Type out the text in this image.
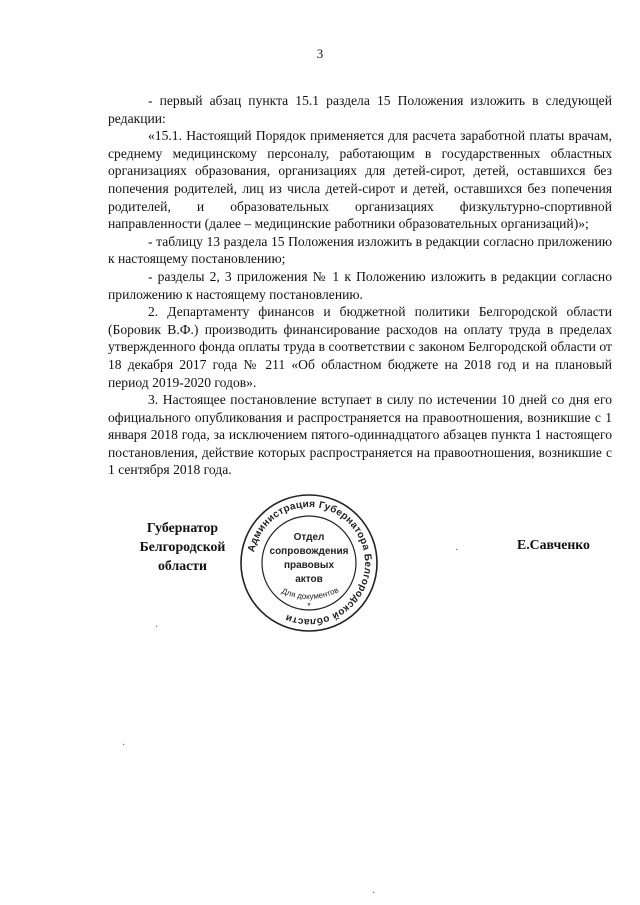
3

- первый абзац пункта 15.1 раздела 15 Положения изложить в следующей редакции:

«15.1. Настоящий Порядок применяется для расчета заработной платы врачам, среднему медицинскому персоналу, работающим в государственных областных организациях образования, организациях для детей-сирот, детей, оставшихся без попечения родителей, лиц из числа детей-сирот и детей, оставшихся без попечения родителей, и образовательных организациях физкультурно-спортивной направленности (далее – медицинские работники образовательных организаций)»;

- таблицу 13 раздела 15 Положения изложить в редакции согласно приложению к настоящему постановлению;

- разделы 2, 3 приложения № 1 к Положению изложить в редакции согласно приложению к настоящему постановлению.

2. Департаменту финансов и бюджетной политики Белгородской области (Боровик В.Ф.) производить финансирование расходов на оплату труда в пределах утвержденного фонда оплаты труда в соответствии с законом Белгородской области от 18 декабря 2017 года № 211 «Об областном бюджете на 2018 год и на плановый период 2019-2020 годов».

3. Настоящее постановление вступает в силу по истечении 10 дней со дня его официального опубликования и распространяется на правоотношения, возникшие с 1 января 2018 года, за исключением пятого-одиннадцатого абзацев пункта 1 настоящего постановления, действие которых распространяется на правоотношения, возникшие с 1 сентября 2018 года.

Губернатор
Белгородской области
Е.Савченко
Администрация Губернатора Белгородской области
Отдел
сопровождения
правовых
актов
Для документов
*
·
·
·
·
